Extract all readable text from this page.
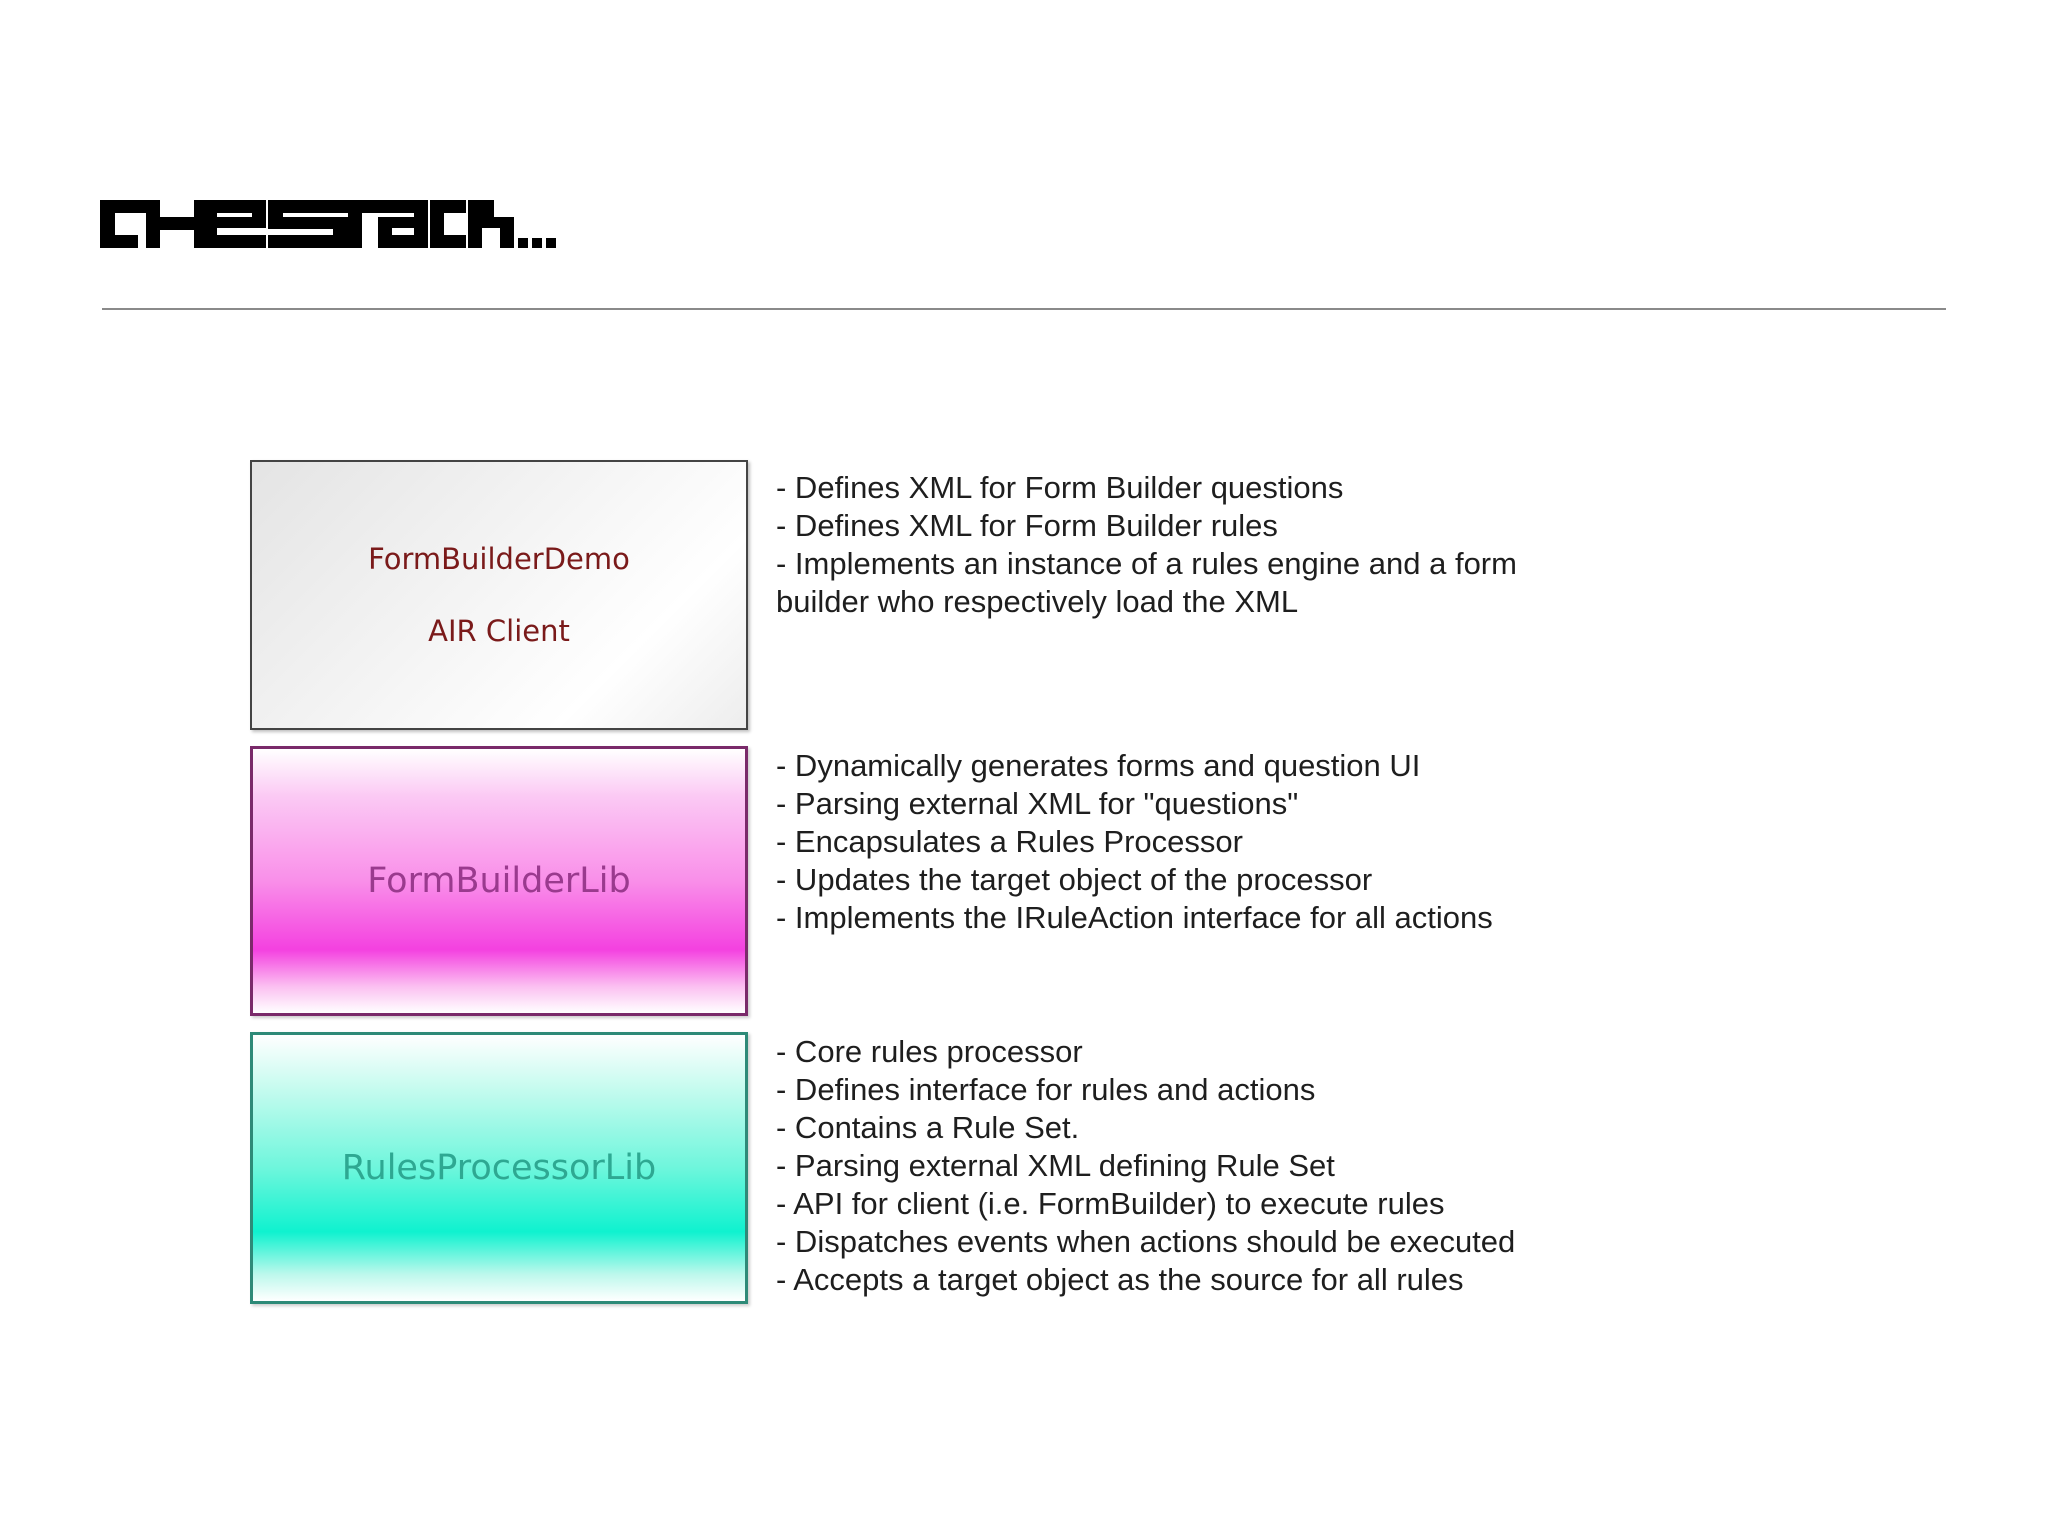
FormBuilderDemo
AIR Client
- Defines XML for Form Builder questions
- Defines XML for Form Builder rules
- Implements an instance of a rules engine and a form builder who respectively load the XML
FormBuilderLib
- Dynamically generates forms and question UI
- Parsing external XML for "questions"
- Encapsulates a Rules Processor
- Updates the target object of the processor
- Implements the IRuleAction interface for all actions
RulesProcessorLib
- Core rules processor
- Defines interface for rules and actions
- Contains a Rule Set.
- Parsing external XML defining Rule Set
- API for client (i.e. FormBuilder) to execute rules
- Dispatches events when actions should be executed
- Accepts a target object as the source for all rules
